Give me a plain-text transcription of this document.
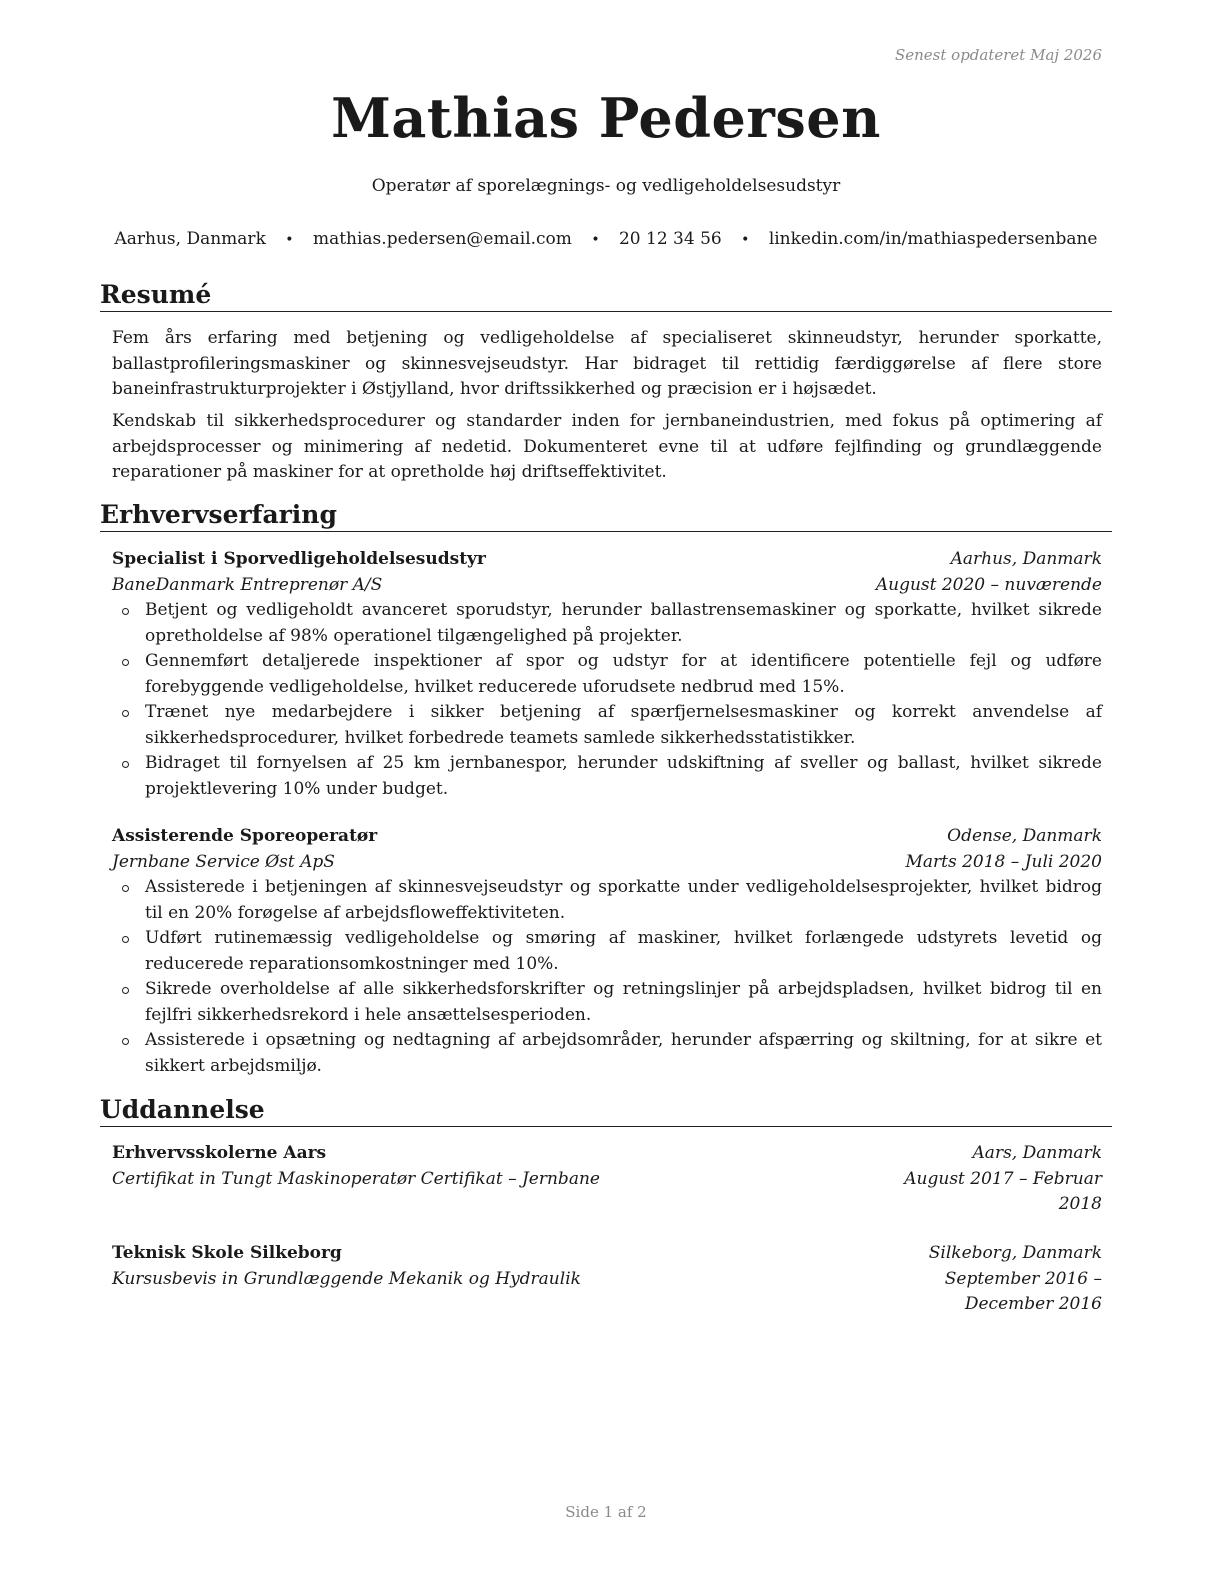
Senest opdateret Maj 2026
Mathias Pedersen
Operatør af sporelægnings- og vedligeholdelsesudstyr
Aarhus, Danmark • mathias.pedersen@email.com • 20 12 34 56 • linkedin.com/in/mathiaspedersenbane
Resumé

Fem års erfaring med betjening og vedligeholdelse af specialiseret skinneudstyr, herunder sporkatte, ballastprofileringsmaskiner og skinnesvejseudstyr. Har bidraget til rettidig færdiggørelse af flere store baneinfrastrukturprojekter i Østjylland, hvor driftssikkerhed og præcision er i højsædet.

Kendskab til sikkerhedsprocedurer og standarder inden for jernbaneindustrien, med fokus på optimering af arbejdsprocesser og minimering af nedetid. Dokumenteret evne til at udføre fejlfinding og grundlæggende reparationer på maskiner for at opretholde høj driftseffektivitet.

Erhvervserfaring
Specialist i Sporvedligeholdelsesudstyr	Aarhus, Danmark
BaneDanmark Entreprenør A/S	August 2020 – nuværende
Betjent og vedligeholdt avanceret sporudstyr, herunder ballastrensemaskiner og sporkatte, hvilket sikrede opretholdelse af 98% operationel tilgængelighed på projekter.
Gennemført detaljerede inspektioner af spor og udstyr for at identificere potentielle fejl og udføre forebyggende vedligeholdelse, hvilket reducerede uforudsete nedbrud med 15%.
Trænet nye medarbejdere i sikker betjening af spærfjernelsesmaskiner og korrekt anvendelse af sikkerhedsprocedurer, hvilket forbedrede teamets samlede sikkerhedsstatistikker.
Bidraget til fornyelsen af 25 km jernbanespor, herunder udskiftning af sveller og ballast, hvilket sikrede projektlevering 10% under budget.
Assisterende Sporeoperatør	Odense, Danmark
Jernbane Service Øst ApS	Marts 2018 – Juli 2020
Assisterede i betjeningen af skinnesvejseudstyr og sporkatte under vedligeholdelsesprojekter, hvilket bidrog til en 20% forøgelse af arbejdsfloweffektiviteten.
Udført rutinemæssig vedligeholdelse og smøring af maskiner, hvilket forlængede udstyrets levetid og reducerede reparationsomkostninger med 10%.
Sikrede overholdelse af alle sikkerhedsforskrifter og retningslinjer på arbejdspladsen, hvilket bidrog til en fejlfri sikkerhedsrekord i hele ansættelsesperioden.
Assisterede i opsætning og nedtagning af arbejdsområder, herunder afspærring og skiltning, for at sikre et sikkert arbejdsmiljø.
Uddannelse
Erhvervsskolerne Aars	Aars, Danmark
Certifikat in Tungt Maskinoperatør Certifikat – Jernbane	August 2017 – Februar 2018
Teknisk Skole Silkeborg	Silkeborg, Danmark
Kursusbevis in Grundlæggende Mekanik og Hydraulik	September 2016 – December 2016
Side 1 af 2
